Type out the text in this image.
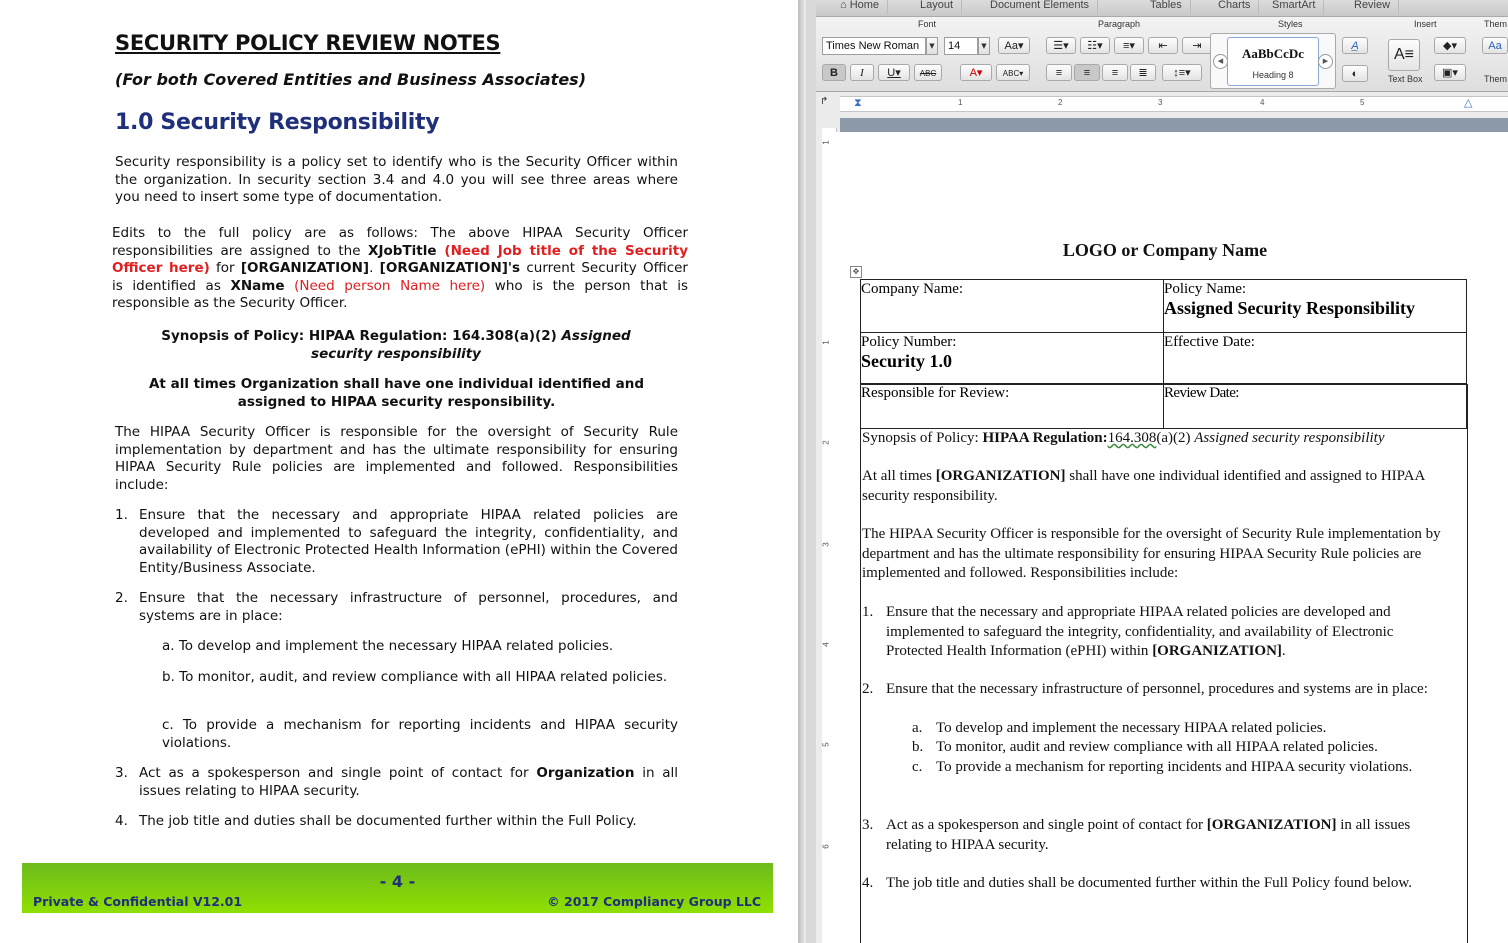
SECURITY POLICY REVIEW NOTES
(For both Covered Entities and Business Associates)
1.0 Security Responsibility
Security responsibility is a policy set to identify who is the Security Officer within the organization. In security section 3.4 and 4.0 you will see three areas where you need to insert some type of documentation.
Edits to the full policy are as follows: The above HIPAA Security Officer responsibilities are assigned to the XJobTitle (Need Job title of the Security Officer here) for [ORGANIZATION]. [ORGANIZATION]'s current Security Officer is identified as XName (Need person Name here) who is the person that is responsible as the Security Officer.
Synopsis of Policy: HIPAA Regulation: 164.308(a)(2) Assigned security responsibility
At all times Organization shall have one individual identified and assigned to HIPAA security responsibility.
The HIPAA Security Officer is responsible for the oversight of Security Rule implementation by department and has the ultimate responsibility for ensuring HIPAA Security Rule policies are implemented and followed. Responsibilities include:
1. Ensure that the necessary and appropriate HIPAA related policies are developed and implemented to safeguard the integrity, confidentiality, and availability of Electronic Protected Health Information (ePHI) within the Covered Entity/Business Associate.
2. Ensure that the necessary infrastructure of personnel, procedures, and systems are in place:
a. To develop and implement the necessary HIPAA related policies.
b. To monitor, audit, and review compliance with all HIPAA related policies.
c. To provide a mechanism for reporting incidents and HIPAA security violations.
3. Act as a spokesperson and single point of contact for Organization in all issues relating to HIPAA security.
4. The job title and duties shall be documented further within the Full Policy.
- 4 -
Private & Confidential V12.01	© 2017 Compliancy Group LLC
⌂ Home	Layout	Document Elements	Tables	Charts	SmartArt	Review
Font	Paragraph	Styles	Insert	Them
Times New Roman	▼	14	▼	Aa▾
B	I	U▾	ABC	A▾	ABC▾
☰▾	☷▾	≡▾	⇤	⇥
≡	≡	≡	≣	↕≡▾
◀	AaBbCcDc
Heading 8
▶
A̲
◐
A≡
Text Box
◆▾
▣▾
Aa
Them
↱	⧗	1	2	3	4	5	△
1
1
2
3
4
5
6
LOGO or Company Name
✥
Company Name:	Policy Name:
Assigned Security Responsibility
Policy Number:
Security 1.0	Effective Date:
Responsible for Review:	Review Date:
Synopsis of Policy: HIPAA Regulation:164.308(a)(2) Assigned security responsibility
At all times [ORGANIZATION] shall have one individual identified and assigned to HIPAA security responsibility.
The HIPAA Security Officer is responsible for the oversight of Security Rule implementation by department and has the ultimate responsibility for ensuring HIPAA Security Rule policies are implemented and followed. Responsibilities include:
1. Ensure that the necessary and appropriate HIPAA related policies are developed and implemented to safeguard the integrity, confidentiality, and availability of Electronic Protected Health Information (ePHI) within [ORGANIZATION].
2. Ensure that the necessary infrastructure of personnel, procedures and systems are in place:
a. To develop and implement the necessary HIPAA related policies.
b. To monitor, audit and review compliance with all HIPAA related policies.
c. To provide a mechanism for reporting incidents and HIPAA security violations.
3. Act as a spokesperson and single point of contact for [ORGANIZATION] in all issues relating to HIPAA security.
4. The job title and duties shall be documented further within the Full Policy found below.
